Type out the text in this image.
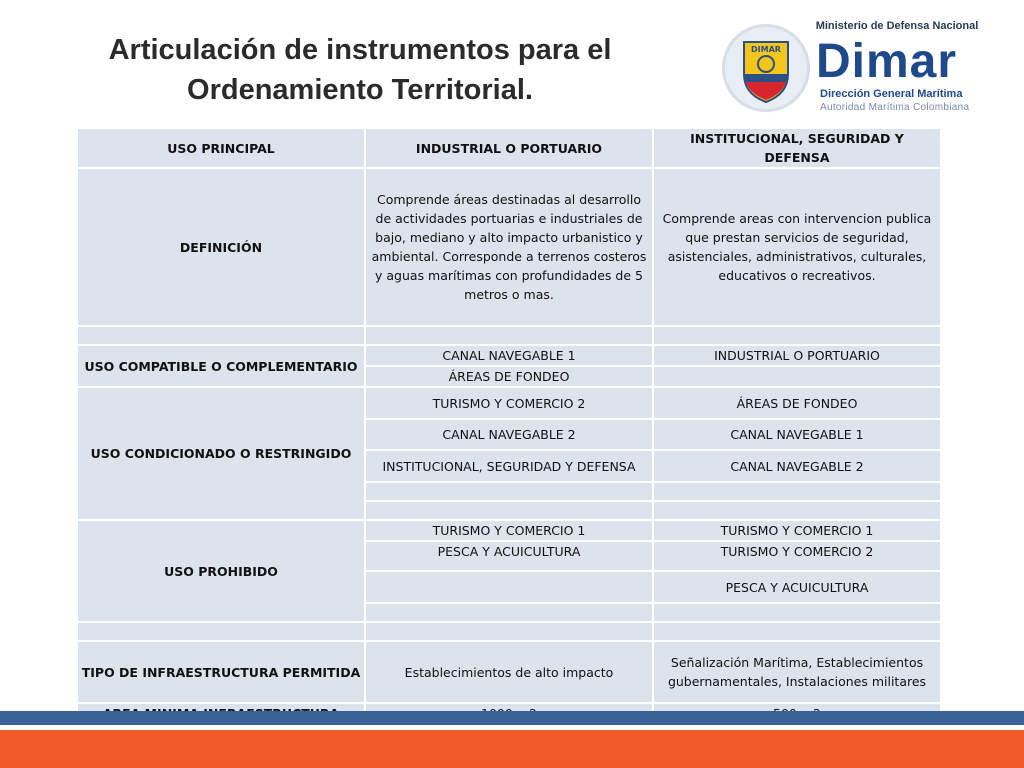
Articulación de instrumentos para el
Ordenamiento Territorial.
DIMAR
Ministerio de Defensa Nacional
Dimar
Dirección General Marítima
Autoridad Marítima Colombiana
USO PRINCIPAL	INDUSTRIAL O PORTUARIO	INSTITUCIONAL, SEGURIDAD Y DEFENSA
DEFINICIÓN	Comprende áreas destinadas al desarrollo de actividades portuarias e industriales de bajo, mediano y alto impacto urbanistico y ambiental. Corresponde a terrenos costeros y aguas marítimas con profundidades de 5 metros o mas.	Comprende areas con intervencion publica que prestan servicios de seguridad, asistenciales, administrativos, culturales, educativos o recreativos.

USO COMPATIBLE O COMPLEMENTARIO	CANAL NAVEGABLE 1	INDUSTRIAL O PORTUARIO
	ÁREAS DE FONDEO	
USO CONDICIONADO O RESTRINGIDO	TURISMO Y COMERCIO 2	ÁREAS DE FONDEO
	CANAL NAVEGABLE 2	CANAL NAVEGABLE 1
	INSTITUCIONAL, SEGURIDAD Y DEFENSA	CANAL NAVEGABLE 2

USO PROHIBIDO	TURISMO Y COMERCIO 1	TURISMO Y COMERCIO 1
	PESCA Y ACUICULTURA	TURISMO Y COMERCIO 2
		PESCA Y ACUICULTURA

TIPO DE INFRAESTRUCTURA PERMITIDA	Establecimientos de alto impacto	Señalización Marítima, Establecimientos gubernamentales, Instalaciones militares
